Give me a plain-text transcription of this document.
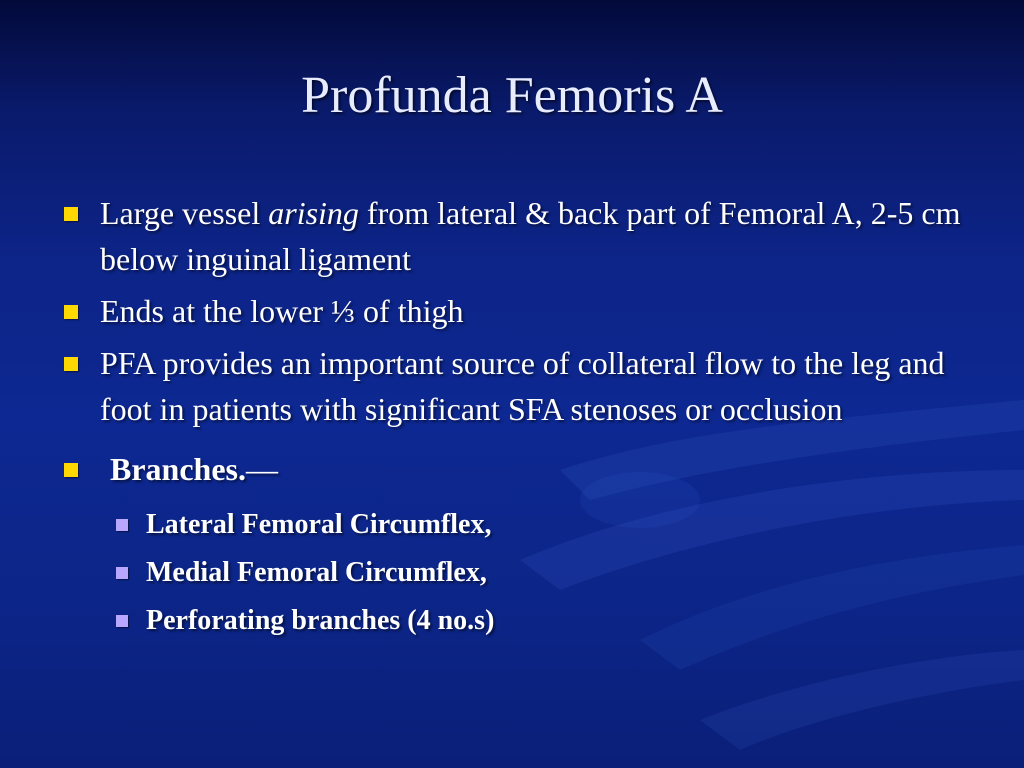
Profunda Femoris A
Large vessel arising from lateral & back part of Femoral A, 2-5 cm below inguinal ligament
Ends at the lower ⅓ of thigh
PFA provides an important source of collateral flow to the leg and foot in patients with significant SFA stenoses or occlusion
Branches.—
Lateral Femoral Circumflex,
Medial Femoral Circumflex,
Perforating branches (4 no.s)
